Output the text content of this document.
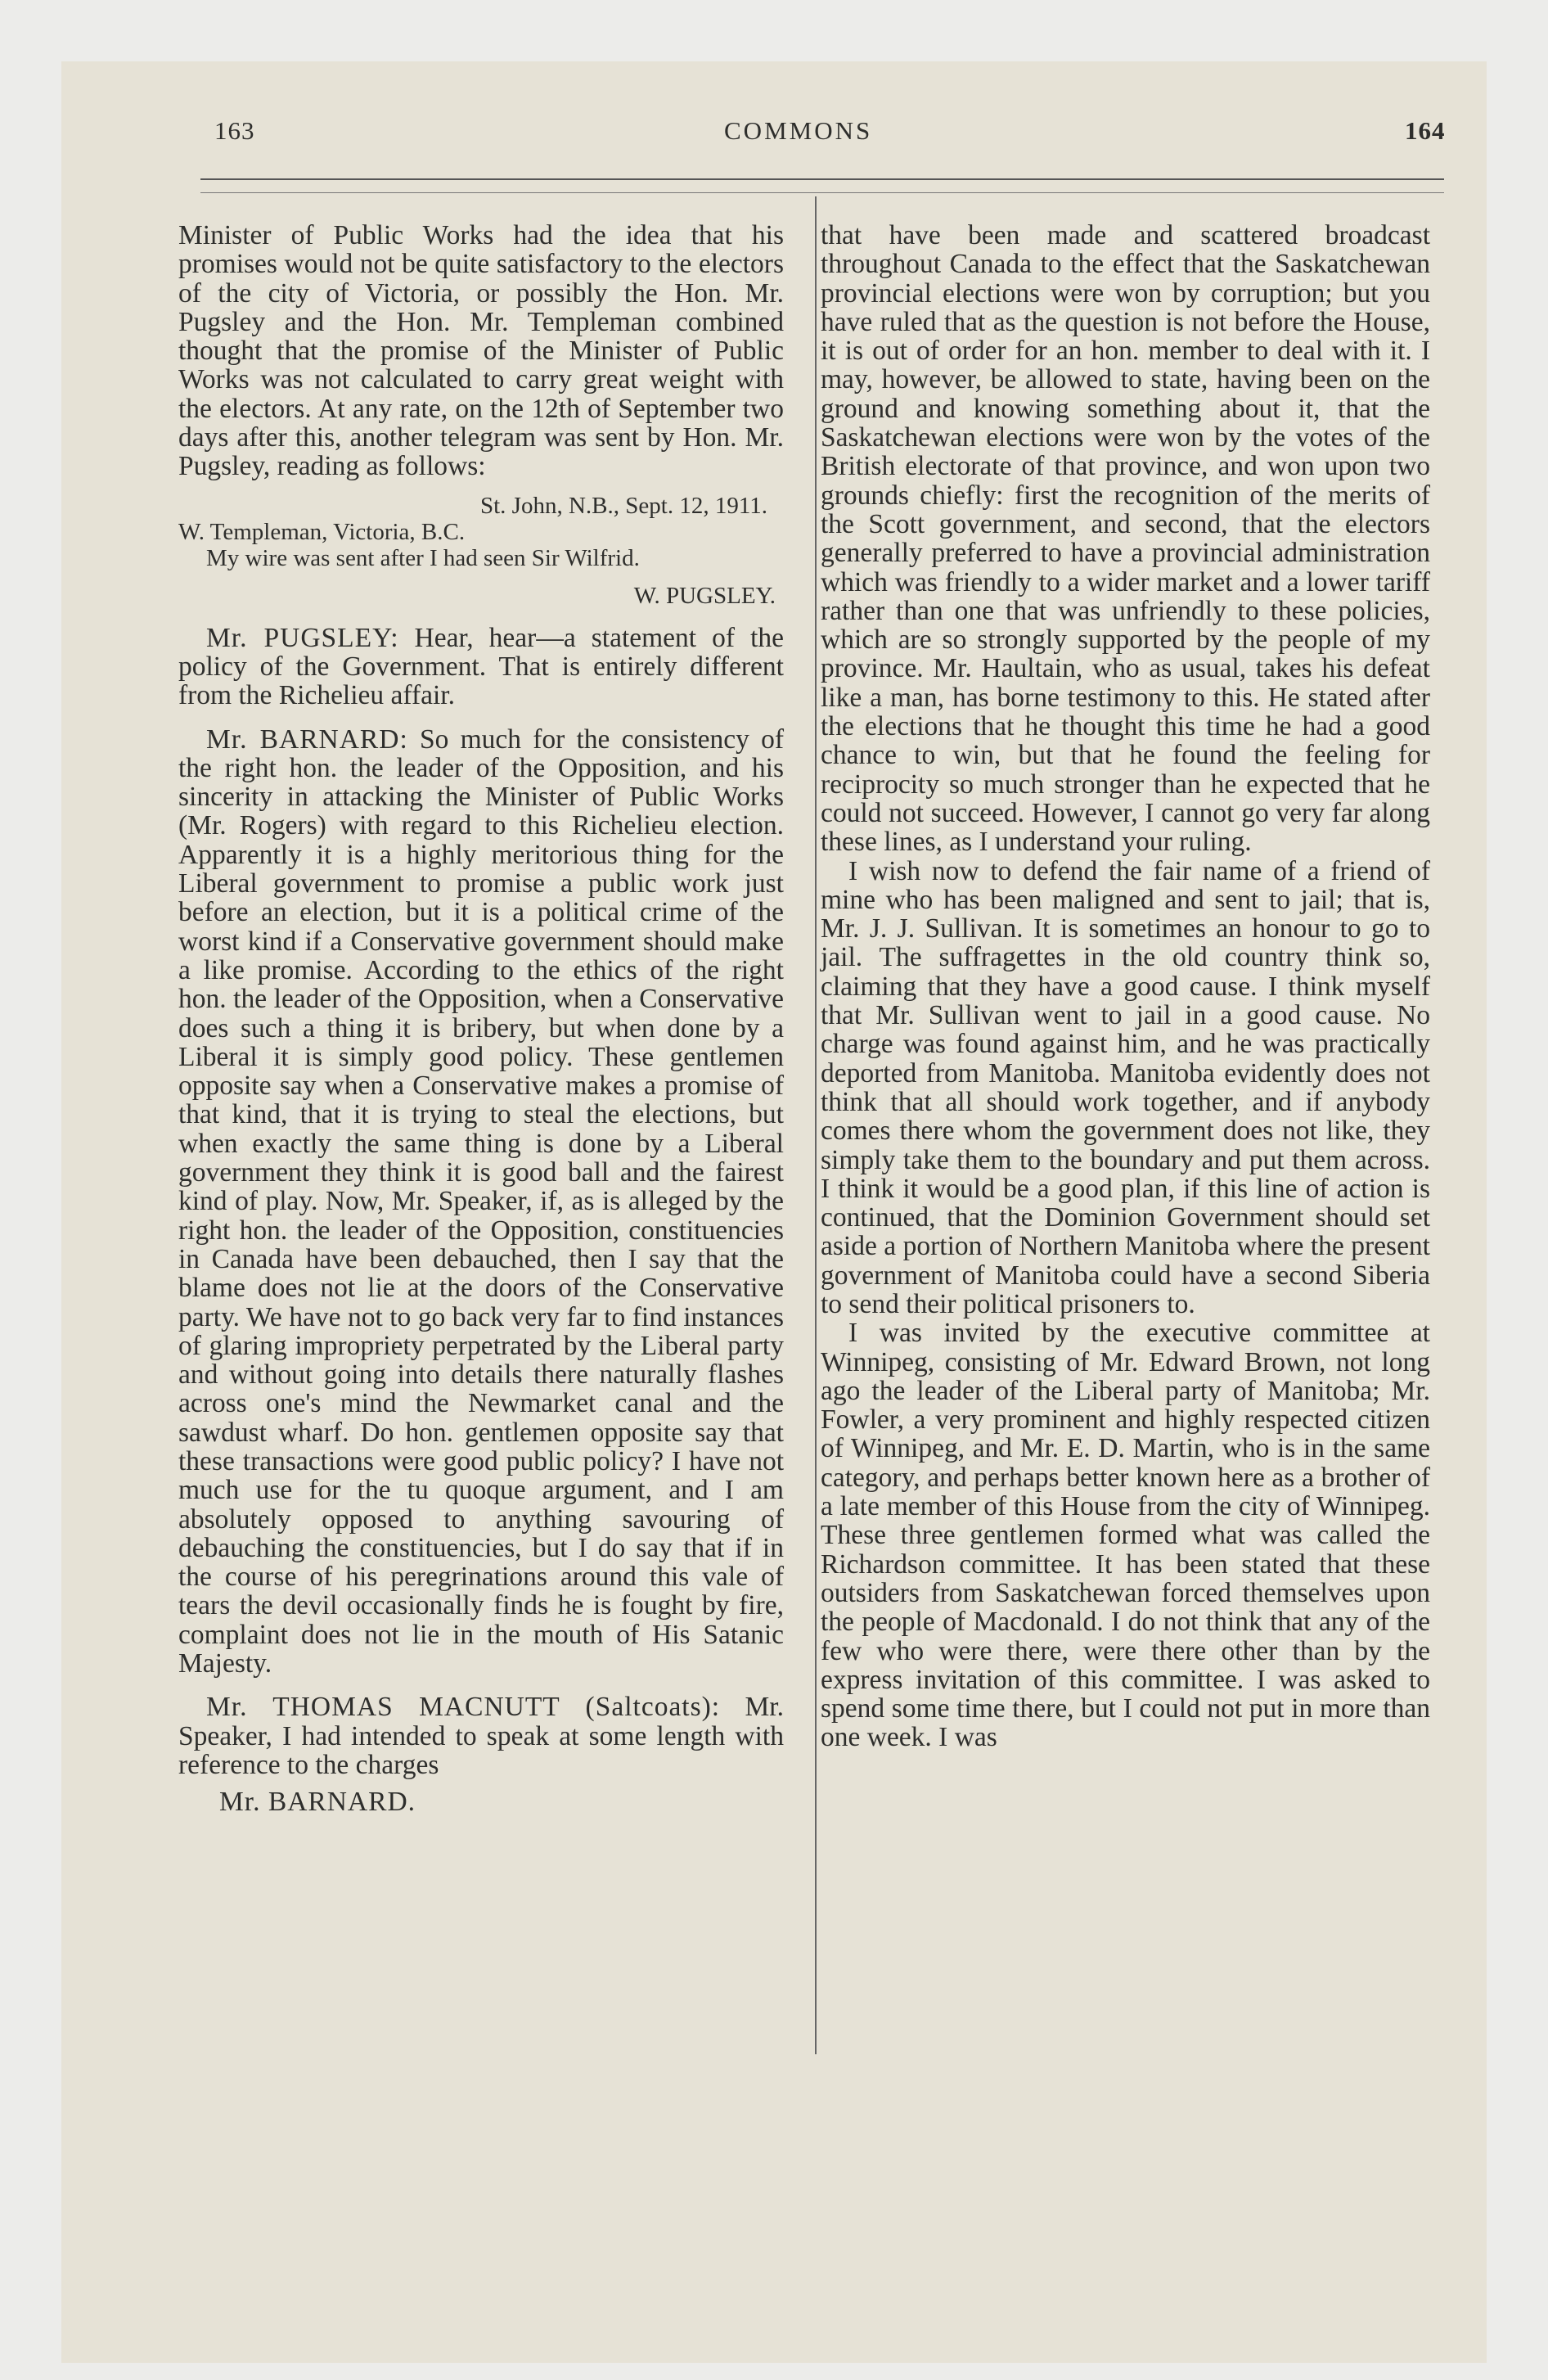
163	COMMONS	164

Minister of Public Works had the idea that his promises would not be quite satisfactory to the electors of the city of Victoria, or possibly the Hon. Mr. Pugsley and the Hon. Mr. Templeman combined thought that the promise of the Minister of Public Works was not calculated to carry great weight with the electors. At any rate, on the 12th of September two days after this, another telegram was sent by Hon. Mr. Pugsley, reading as follows:

St. John, N.B., Sept. 12, 1911.

W. Templeman, Victoria, B.C.

My wire was sent after I had seen Sir Wilfrid.

W. PUGSLEY.

Mr. PUGSLEY: Hear, hear—a statement of the policy of the Government. That is entirely different from the Richelieu affair.

Mr. BARNARD: So much for the consistency of the right hon. the leader of the Opposition, and his sincerity in attacking the Minister of Public Works (Mr. Rogers) with regard to this Richelieu election. Apparently it is a highly meritorious thing for the Liberal government to promise a public work just before an election, but it is a political crime of the worst kind if a Conservative government should make a like promise. According to the ethics of the right hon. the leader of the Opposition, when a Conservative does such a thing it is bribery, but when done by a Liberal it is simply good policy. These gentlemen opposite say when a Conservative makes a promise of that kind, that it is trying to steal the elections, but when exactly the same thing is done by a Liberal government they think it is good ball and the fairest kind of play. Now, Mr. Speaker, if, as is alleged by the right hon. the leader of the Opposition, constituencies in Canada have been debauched, then I say that the blame does not lie at the doors of the Conservative party. We have not to go back very far to find instances of glaring impropriety perpetrated by the Liberal party and without going into details there naturally flashes across one's mind the Newmarket canal and the sawdust wharf. Do hon. gentlemen opposite say that these transactions were good public policy? I have not much use for the tu quoque argument, and I am absolutely opposed to anything savouring of debauching the constituencies, but I do say that if in the course of his peregrinations around this vale of tears the devil occasionally finds he is fought by fire, complaint does not lie in the mouth of His Satanic Majesty.

Mr. THOMAS MACNUTT (Saltcoats): Mr. Speaker, I had intended to speak at some length with reference to the charges

Mr. BARNARD.

that have been made and scattered broadcast throughout Canada to the effect that the Saskatchewan provincial elections were won by corruption; but you have ruled that as the question is not before the House, it is out of order for an hon. member to deal with it. I may, however, be allowed to state, having been on the ground and knowing something about it, that the Saskatchewan elections were won by the votes of the British electorate of that province, and won upon two grounds chiefly: first the recognition of the merits of the Scott government, and second, that the electors generally preferred to have a provincial administration which was friendly to a wider market and a lower tariff rather than one that was unfriendly to these policies, which are so strongly supported by the people of my province. Mr. Haultain, who as usual, takes his defeat like a man, has borne testimony to this. He stated after the elections that he thought this time he had a good chance to win, but that he found the feeling for reciprocity so much stronger than he expected that he could not succeed. However, I cannot go very far along these lines, as I understand your ruling.

I wish now to defend the fair name of a friend of mine who has been maligned and sent to jail; that is, Mr. J. J. Sullivan. It is sometimes an honour to go to jail. The suffragettes in the old country think so, claiming that they have a good cause. I think myself that Mr. Sullivan went to jail in a good cause. No charge was found against him, and he was practically deported from Manitoba. Manitoba evidently does not think that all should work together, and if anybody comes there whom the government does not like, they simply take them to the boundary and put them across. I think it would be a good plan, if this line of action is continued, that the Dominion Government should set aside a portion of Northern Manitoba where the present government of Manitoba could have a second Siberia to send their political prisoners to.

I was invited by the executive committee at Winnipeg, consisting of Mr. Edward Brown, not long ago the leader of the Liberal party of Manitoba; Mr. Fowler, a very prominent and highly respected citizen of Winnipeg, and Mr. E. D. Martin, who is in the same category, and perhaps better known here as a brother of a late member of this House from the city of Winnipeg. These three gentlemen formed what was called the Richardson committee. It has been stated that these outsiders from Saskatchewan forced themselves upon the people of Macdonald. I do not think that any of the few who were there, were there other than by the express invitation of this committee. I was asked to spend some time there, but I could not put in more than one week. I was
